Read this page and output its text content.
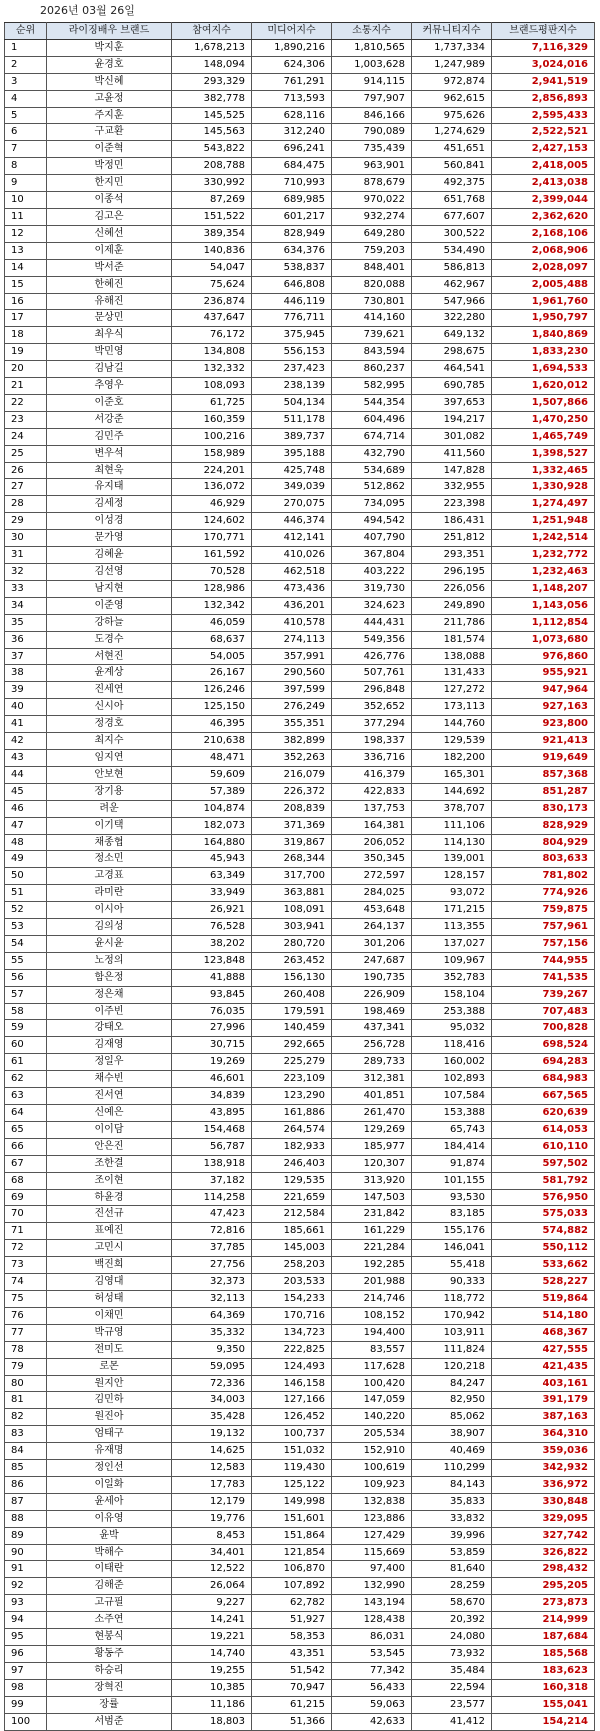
2026년 03월 26일
순위	라이징배우 브랜드	참여지수	미디어지수	소통지수	커뮤니티지수	브랜드평판지수
1	박지훈	1,678,213	1,890,216	1,810,565	1,737,334	7,116,329
2	윤경호	148,094	624,306	1,003,628	1,247,989	3,024,016
3	박신혜	293,329	761,291	914,115	972,874	2,941,519
4	고윤정	382,778	713,593	797,907	962,615	2,856,893
5	주지훈	145,525	628,116	846,166	975,626	2,595,433
6	구교환	145,563	312,240	790,089	1,274,629	2,522,521
7	이준혁	543,822	696,241	735,439	451,651	2,427,153
8	박정민	208,788	684,475	963,901	560,841	2,418,005
9	한지민	330,992	710,993	878,679	492,375	2,413,038
10	이종석	87,269	689,985	970,022	651,768	2,399,044
11	김고은	151,522	601,217	932,274	677,607	2,362,620
12	신혜선	389,354	828,949	649,280	300,522	2,168,106
13	이제훈	140,836	634,376	759,203	534,490	2,068,906
14	박서준	54,047	538,837	848,401	586,813	2,028,097
15	한혜진	75,624	646,808	820,088	462,967	2,005,488
16	유해진	236,874	446,119	730,801	547,966	1,961,760
17	문상민	437,647	776,711	414,160	322,280	1,950,797
18	최우식	76,172	375,945	739,621	649,132	1,840,869
19	박민영	134,808	556,153	843,594	298,675	1,833,230
20	김남길	132,332	237,423	860,237	464,541	1,694,533
21	추영우	108,093	238,139	582,995	690,785	1,620,012
22	이준호	61,725	504,134	544,354	397,653	1,507,866
23	서강준	160,359	511,178	604,496	194,217	1,470,250
24	김민주	100,216	389,737	674,714	301,082	1,465,749
25	변우석	158,989	395,188	432,790	411,560	1,398,527
26	최현욱	224,201	425,748	534,689	147,828	1,332,465
27	유지태	136,072	349,039	512,862	332,955	1,330,928
28	김세정	46,929	270,075	734,095	223,398	1,274,497
29	이성경	124,602	446,374	494,542	186,431	1,251,948
30	문가영	170,771	412,141	407,790	251,812	1,242,514
31	김혜윤	161,592	410,026	367,804	293,351	1,232,772
32	김선영	70,528	462,518	403,222	296,195	1,232,463
33	남지현	128,986	473,436	319,730	226,056	1,148,207
34	이준영	132,342	436,201	324,623	249,890	1,143,056
35	강하늘	46,059	410,578	444,431	211,786	1,112,854
36	도경수	68,637	274,113	549,356	181,574	1,073,680
37	서현진	54,005	357,991	426,776	138,088	976,860
38	윤계상	26,167	290,560	507,761	131,433	955,921
39	진세연	126,246	397,599	296,848	127,272	947,964
40	신시아	125,150	276,249	352,652	173,113	927,163
41	정경호	46,395	355,351	377,294	144,760	923,800
42	최지수	210,638	382,899	198,337	129,539	921,413
43	임지연	48,471	352,263	336,716	182,200	919,649
44	안보현	59,609	216,079	416,379	165,301	857,368
45	장기용	57,389	226,372	422,833	144,692	851,287
46	려운	104,874	208,839	137,753	378,707	830,173
47	이기택	182,073	371,369	164,381	111,106	828,929
48	채종협	164,880	319,867	206,052	114,130	804,929
49	정소민	45,943	268,344	350,345	139,001	803,633
50	고경표	63,349	317,700	272,597	128,157	781,802
51	라미란	33,949	363,881	284,025	93,072	774,926
52	이시아	26,921	108,091	453,648	171,215	759,875
53	김의성	76,528	303,941	264,137	113,355	757,961
54	윤시윤	38,202	280,720	301,206	137,027	757,156
55	노정의	123,848	263,452	247,687	109,967	744,955
56	함은정	41,888	156,130	190,735	352,783	741,535
57	정은채	93,845	260,408	226,909	158,104	739,267
58	이주빈	76,035	179,591	198,469	253,388	707,483
59	강태오	27,996	140,459	437,341	95,032	700,828
60	김재영	30,715	292,665	256,728	118,416	698,524
61	정일우	19,269	225,279	289,733	160,002	694,283
62	채수빈	46,601	223,109	312,381	102,893	684,983
63	진서연	34,839	123,290	401,851	107,584	667,565
64	신예은	43,895	161,886	261,470	153,388	620,639
65	이이담	154,468	264,574	129,269	65,743	614,053
66	안은진	56,787	182,933	185,977	184,414	610,110
67	조한결	138,918	246,403	120,307	91,874	597,502
68	조이현	37,182	129,535	313,920	101,155	581,792
69	하윤경	114,258	221,659	147,503	93,530	576,950
70	진선규	47,423	212,584	231,842	83,185	575,033
71	표예진	72,816	185,661	161,229	155,176	574,882
72	고민시	37,785	145,003	221,284	146,041	550,112
73	백진희	27,756	258,203	192,285	55,418	533,662
74	김영대	32,373	203,533	201,988	90,333	528,227
75	허성태	32,113	154,233	214,746	118,772	519,864
76	이채민	64,369	170,716	108,152	170,942	514,180
77	박규영	35,332	134,723	194,400	103,911	468,367
78	전미도	9,350	222,825	83,557	111,824	427,555
79	로몬	59,095	124,493	117,628	120,218	421,435
80	원지안	72,336	146,158	100,420	84,247	403,161
81	김민하	34,003	127,166	147,059	82,950	391,179
82	원진아	35,428	126,452	140,220	85,062	387,163
83	엄태구	19,132	100,737	205,534	38,907	364,310
84	유재명	14,625	151,032	152,910	40,469	359,036
85	정인선	12,583	119,430	100,619	110,299	342,932
86	이일화	17,783	125,122	109,923	84,143	336,972
87	윤세아	12,179	149,998	132,838	35,833	330,848
88	이유영	19,776	151,601	123,886	33,832	329,095
89	윤박	8,453	151,864	127,429	39,996	327,742
90	박해수	34,401	121,854	115,669	53,859	326,822
91	이태란	12,522	106,870	97,400	81,640	298,432
92	김해준	26,064	107,892	132,990	28,259	295,205
93	고규필	9,227	62,782	143,194	58,670	273,873
94	소주연	14,241	51,927	128,438	20,392	214,999
95	현봉식	19,221	58,353	86,031	24,080	187,684
96	황동주	14,740	43,351	53,545	73,932	185,568
97	하승리	19,255	51,542	77,342	35,484	183,623
98	장혁진	10,385	70,947	56,433	22,594	160,318
99	장률	11,186	61,215	59,063	23,577	155,041
100	서범준	18,803	51,366	42,633	41,412	154,214
